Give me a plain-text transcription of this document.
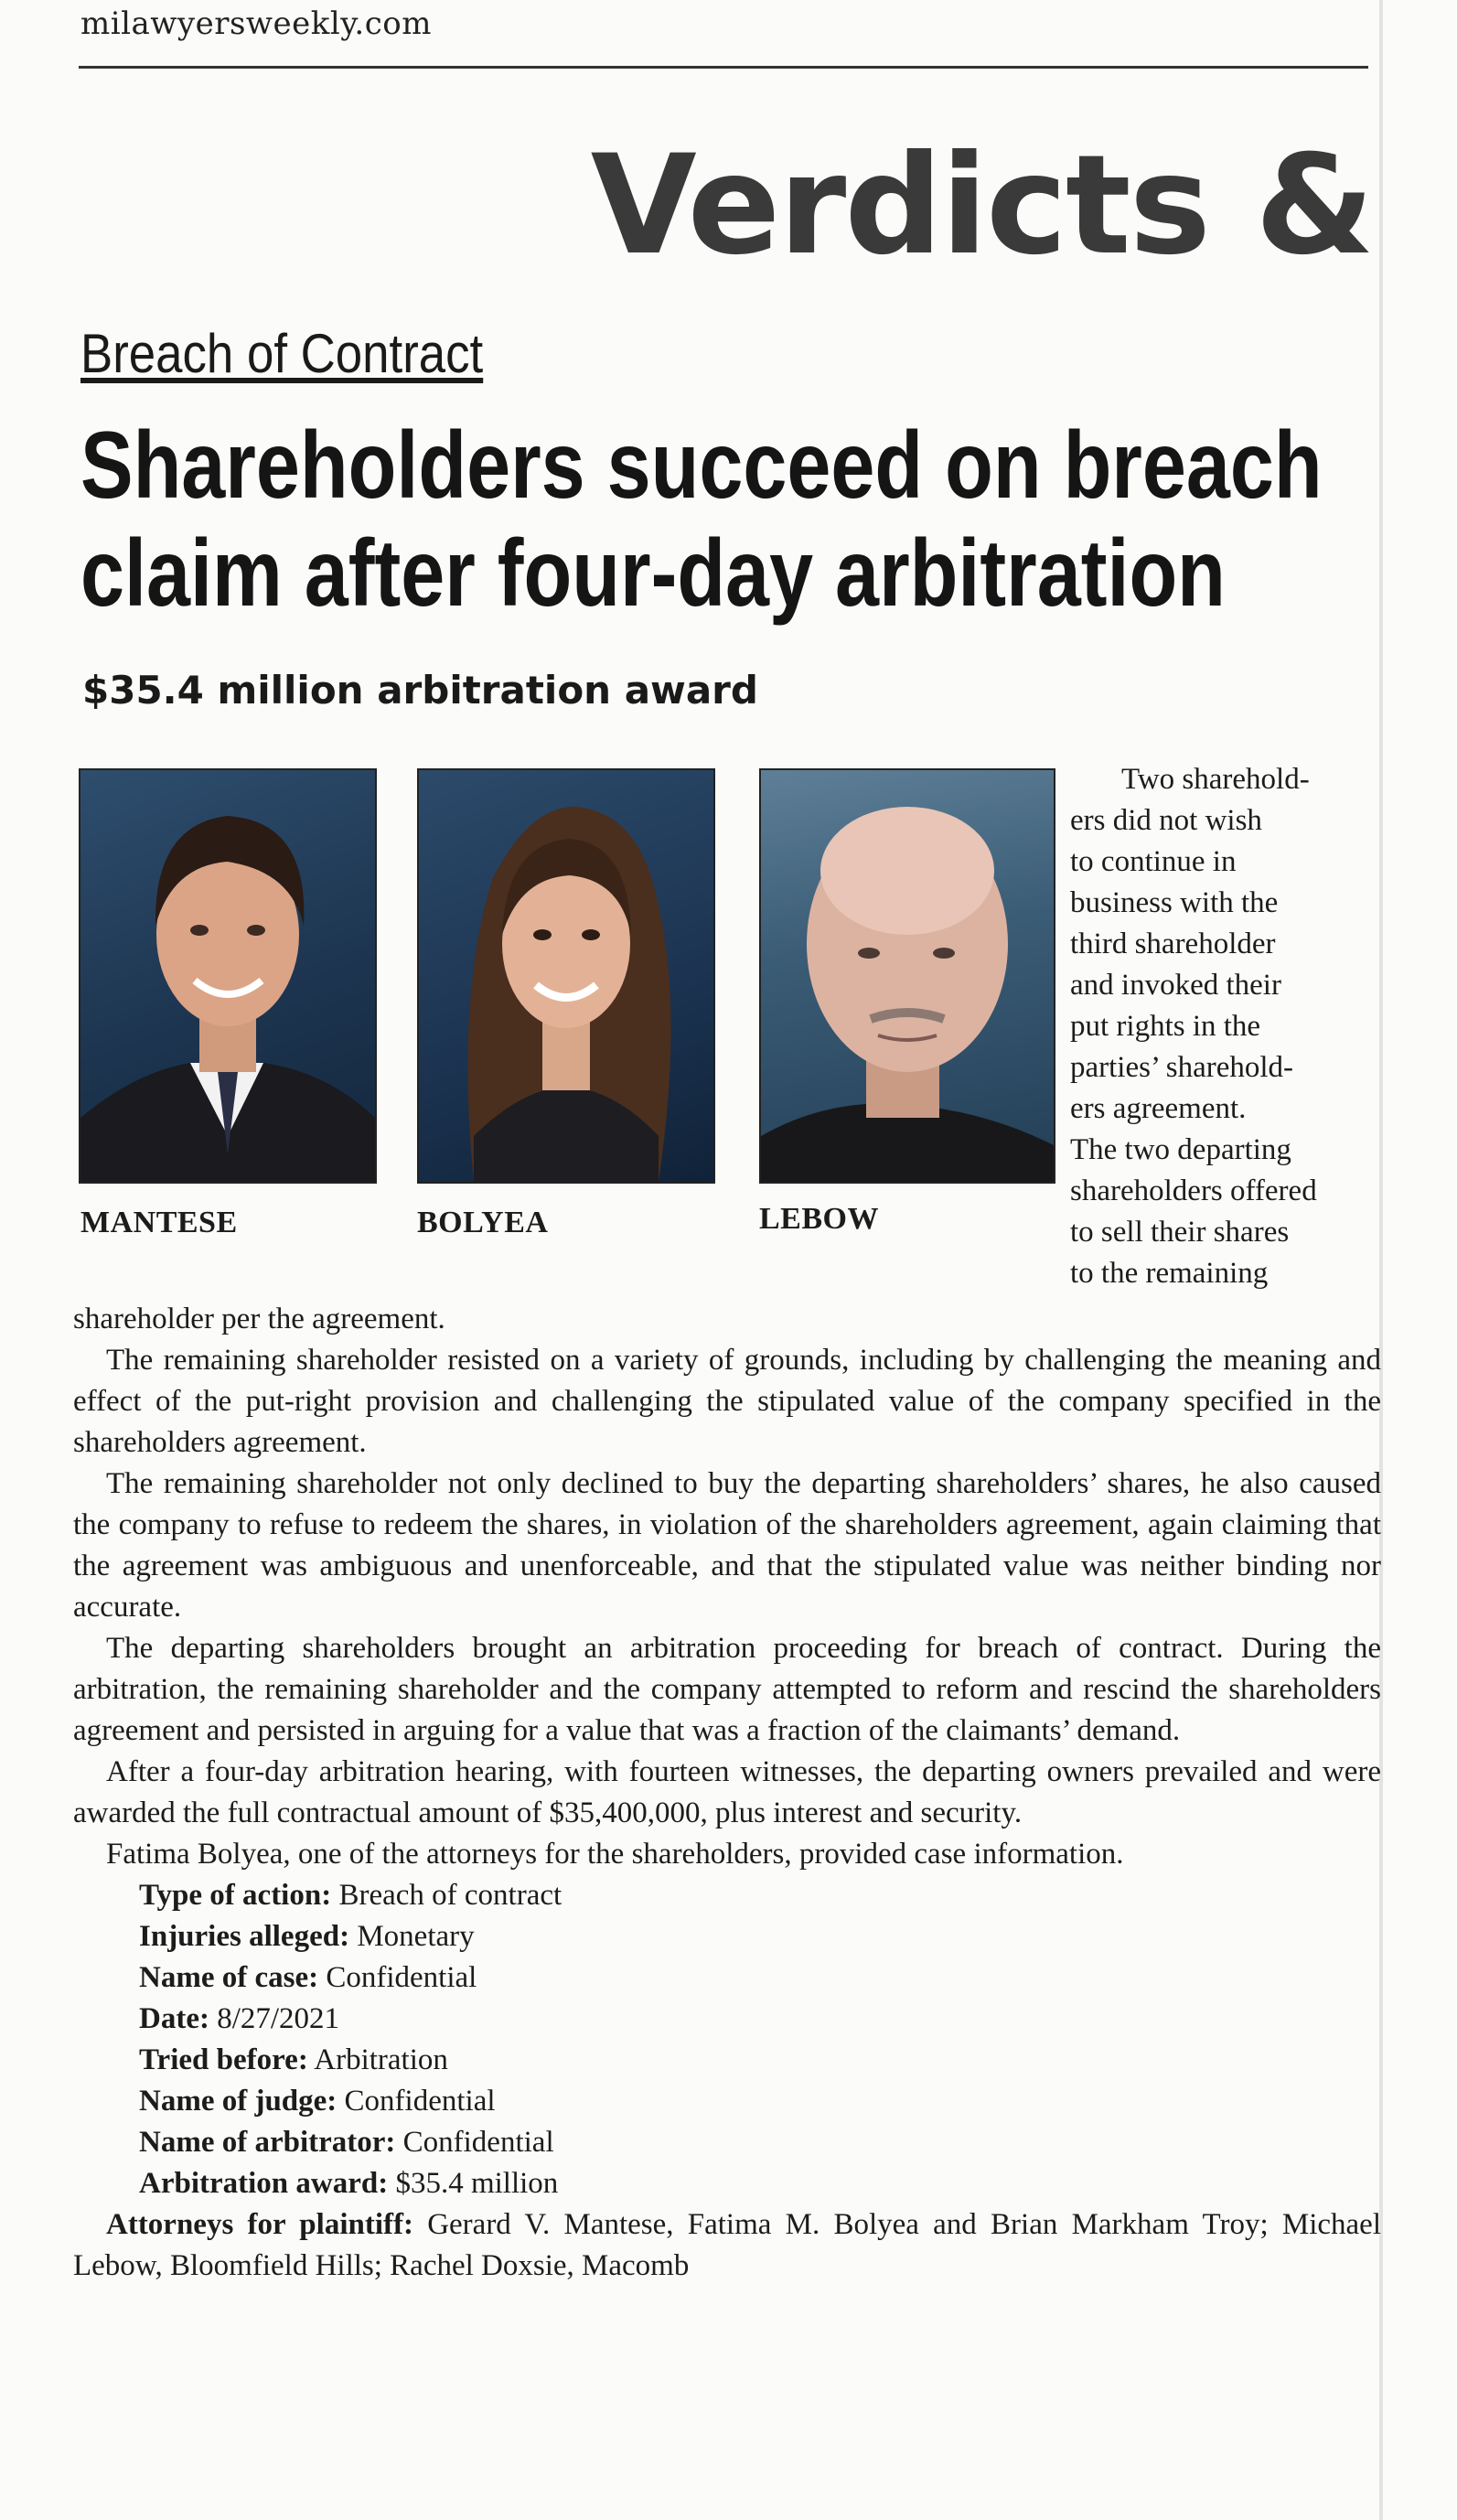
milawyersweekly.com
Verdicts &
Breach of Contract
Shareholders succeed on breach
claim after four-day arbitration
$35.4 million arbitration award
MANTESE	BOLYEA	LEBOW
Two sharehold-
ers did not wish
to continue in
business with the
third shareholder
and invoked their
put rights in the
parties’ sharehold-
ers agreement.
The two departing
shareholders offered
to sell their shares
to the remaining

shareholder per the agreement.

The remaining shareholder resisted on a variety of grounds, including by challenging the meaning and effect of the put-right provision and challenging the stipulated value of the company specified in the shareholders agreement.

The remaining shareholder not only declined to buy the departing shareholders’ shares, he also caused the company to refuse to redeem the shares, in violation of the shareholders agreement, again claiming that the agreement was ambiguous and unenforceable, and that the stipulated value was neither binding nor accurate.

The departing shareholders brought an arbitration proceeding for breach of contract. During the arbitration, the remaining shareholder and the company attempted to reform and rescind the shareholders agreement and persisted in arguing for a value that was a fraction of the claimants’ demand.

After a four-day arbitration hearing, with fourteen witnesses, the departing owners prevailed and were awarded the full contractual amount of $35,400,000, plus interest and security.

Fatima Bolyea, one of the attorneys for the shareholders, provided case information.

Type of action: Breach of contract

Injuries alleged: Monetary

Name of case: Confidential

Date: 8/27/2021

Tried before: Arbitration

Name of judge: Confidential

Name of arbitrator: Confidential

Arbitration award: $35.4 million

Attorneys for plaintiff: Gerard V. Mantese, Fatima M. Bolyea and Brian Markham Troy; Michael Lebow, Bloomfield Hills; Rachel Doxsie, Macomb
